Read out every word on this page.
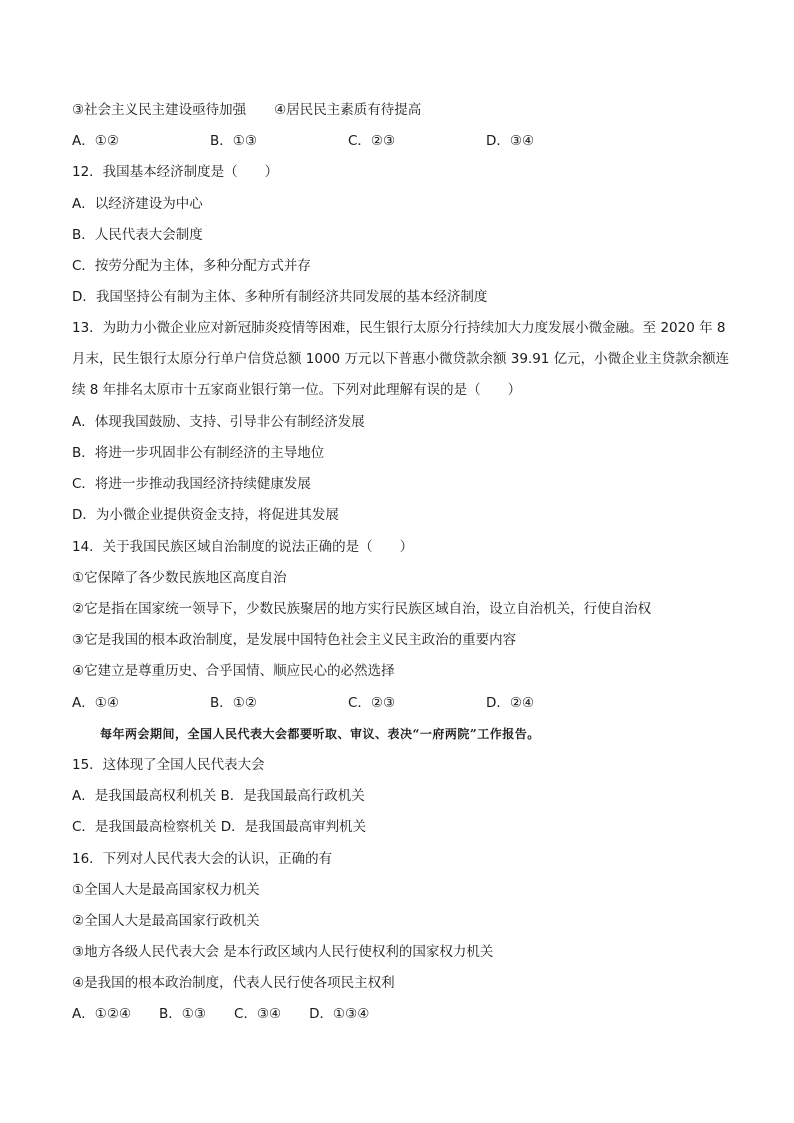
③社会主义民主建设亟待加强 ④居民民主素质有待提高
A．①②	B．①③	C．②③	D．③④
12．我国基本经济制度是（　　）
A．以经济建设为中心
B．人民代表大会制度
C．按劳分配为主体，多种分配方式并存
D．我国坚持公有制为主体、多种所有制经济共同发展的基本经济制度
13．为助力小微企业应对新冠肺炎疫情等困难，民生银行太原分行持续加大力度发展小微金融。至 2020 年 8 月末，民生银行太原分行单户信贷总额 1000 万元以下普惠小微贷款余额 39.91 亿元，小微企业主贷款余额连续 8 年排名太原市十五家商业银行第一位。下列对此理解有误的是（　　）
A．体现我国鼓励、支持、引导非公有制经济发展
B．将进一步巩固非公有制经济的主导地位
C．将进一步推动我国经济持续健康发展
D．为小微企业提供资金支持，将促进其发展
14．关于我国民族区域自治制度的说法正确的是（　　）
①它保障了各少数民族地区高度自治
②它是指在国家统一领导下，少数民族聚居的地方实行民族区域自治，设立自治机关，行使自治权
③它是我国的根本政治制度，是发展中国特色社会主义民主政治的重要内容
④它建立是尊重历史、合乎国情、顺应民心的必然选择
A．①④	B．①②	C．②③	D．②④
每年两会期间，全国人民代表大会都要听取、审议、表决“一府两院”工作报告。
15．这体现了全国人民代表大会
A．是我国最高权利机关 B．是我国最高行政机关
C．是我国最高检察机关 D．是我国最高审判机关
16．下列对人民代表大会的认识，正确的有
①全国人大是最高国家权力机关
②全国人大是最高国家行政机关
③地方各级人民代表大会 是本行政区域内人民行使权利的国家权力机关
④是我国的根本政治制度，代表人民行使各项民主权利
A．①②④ B．①③ C．③④ D．①③④
